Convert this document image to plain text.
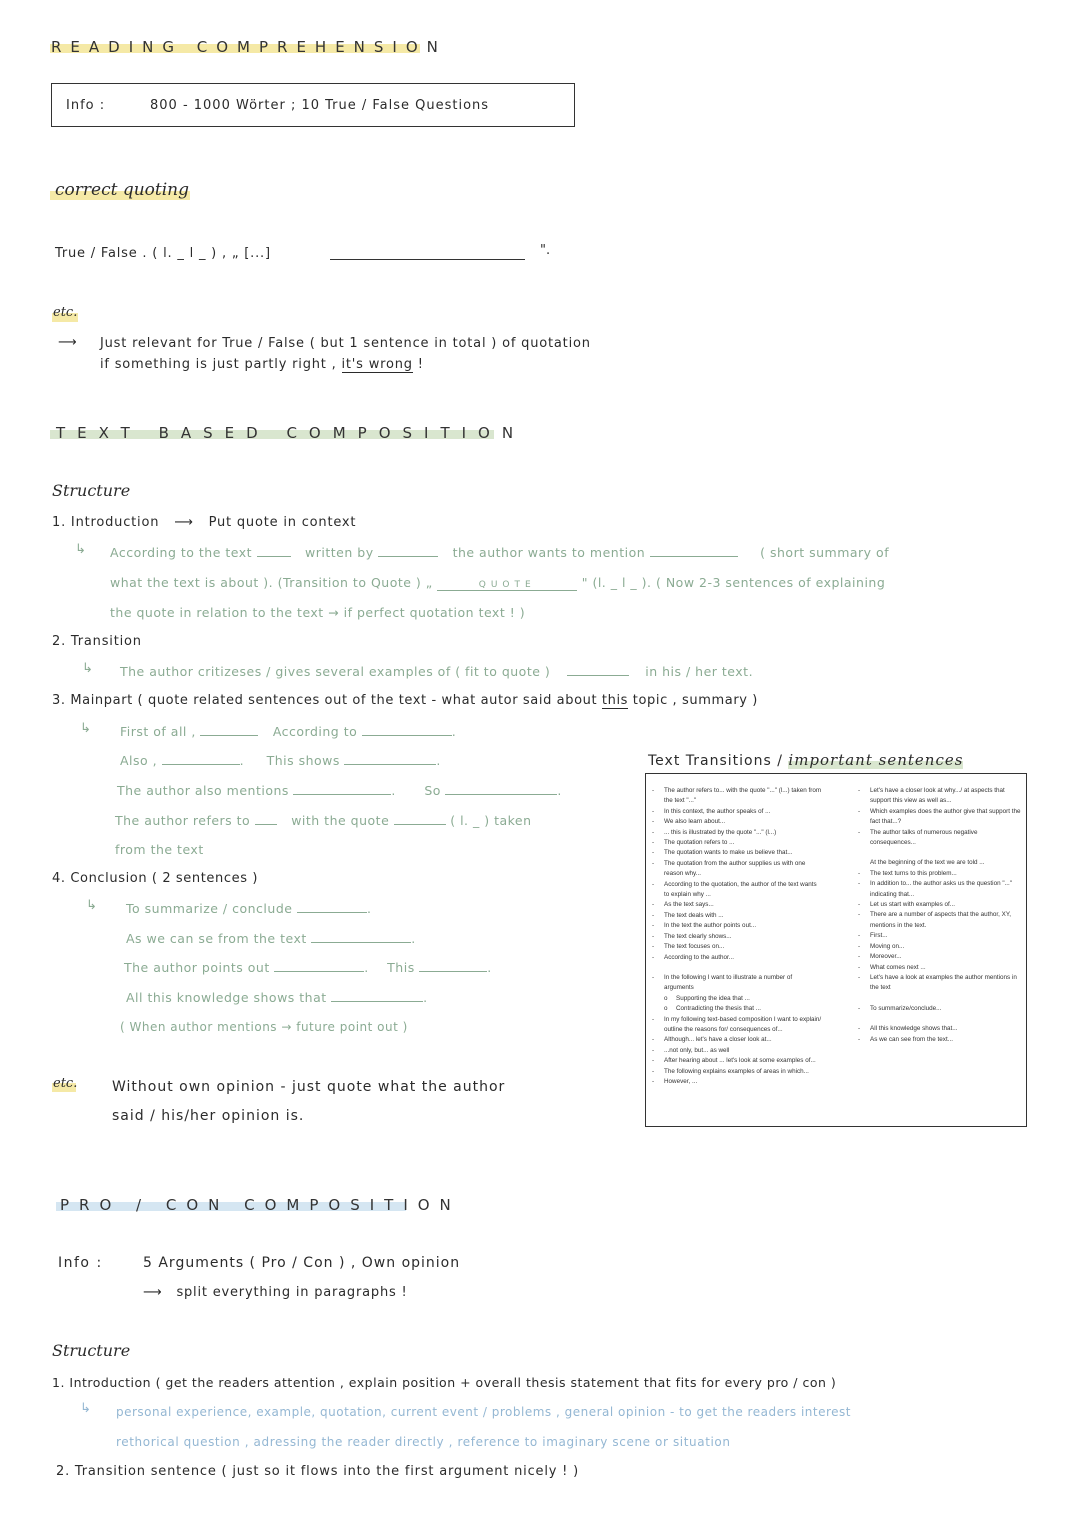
READING COMPREHENSION
Info :	800 - 1000 Wörter ; 10 True / False Questions
correct quoting
True / False . ( l. _ l _ ) , „ [...]	".
etc.
⟶ Just relevant for True / False ( but 1 sentence in total ) of quotation
if something is just partly right , it's wrong !
TEXT BASED COMPOSITION
Structure
1. Introduction ⟶ Put quote in context
↳ According to the text	written by	the author wants to mention	( short summary of
what the text is about ). (Transition to Quote ) „	QUOTE	" (l. _ l _ ). ( Now 2-3 sentences of explaining
the quote in relation to the text → if perfect quotation text ! )
2. Transition
↳ The author critizeses / gives several examples of ( fit to quote )	in his / her text.
3. Mainpart ( quote related sentences out of the text - what autor said about this topic , summary )
↳ First of all ,	According to	.
Also ,	. This shows	.
The author also mentions	. So	.
The author refers to	with the quote	( l. _ ) taken
from the text
4. Conclusion ( 2 sentences )
↳ To summarize / conclude	.
As we can se from the text	.
The author points out	. This	.
All this knowledge shows that	.
( When author mentions → future point out )
etc. Without own opinion - just quote what the author
said / his/her opinion is.
Text Transitions / important sentences
- The author refers to... with the quote "..." (l...) taken from the text "..."
- In this context, the author speaks of ...
- We also learn about...
- ... this is illustrated by the quote "..." (l...)
- The quotation refers to ...
- The quotation wants to make us believe that...
- The quotation from the author supplies us with one reason why...
- According to the quotation, the author of the text wants to explain why ...
- As the text says...
- The text deals with ...
- In the text the author points out...
- The text clearly shows...
- The text focuses on...
- According to the author...
- In the following I want to illustrate a number of arguments
o Supporting the idea that ...
o Contradicting the thesis that ...
- In my following text-based composition I want to explain/ outline the reasons for/ consequences of...
- Although... let's have a closer look at...
- ...not only, but... as well
- After hearing about ... let's look at some examples of...
- The following explains examples of areas in which...
- However, ...
- Let's have a closer look at why.../ at aspects that support this view as well as...
- Which examples does the author give that support the fact that...?
- The author talks of numerous negative consequences...
At the beginning of the text we are told ...
- The text turns to this problem...
- In addition to... the author asks us the question "..." indicating that...
- Let us start with examples of...
- There are a number of aspects that the author, XY, mentions in the text.
- First...
- Moving on...
- Moreover...
- What comes next ...
- Let's have a look at examples the author mentions in the text
- To summarize/conclude...
- All this knowledge shows that...
- As we can see from the text...
PRO / CON COMPOSITION
Info :	5 Arguments ( Pro / Con ) , Own opinion
⟶ split everything in paragraphs !
Structure
1. Introduction ( get the readers attention , explain position + overall thesis statement that fits for every pro / con )
↳ personal experience, example, quotation, current event / problems , general opinion - to get the readers interest
rethorical question , adressing the reader directly , reference to imaginary scene or situation
2. Transition sentence ( just so it flows into the first argument nicely ! )
